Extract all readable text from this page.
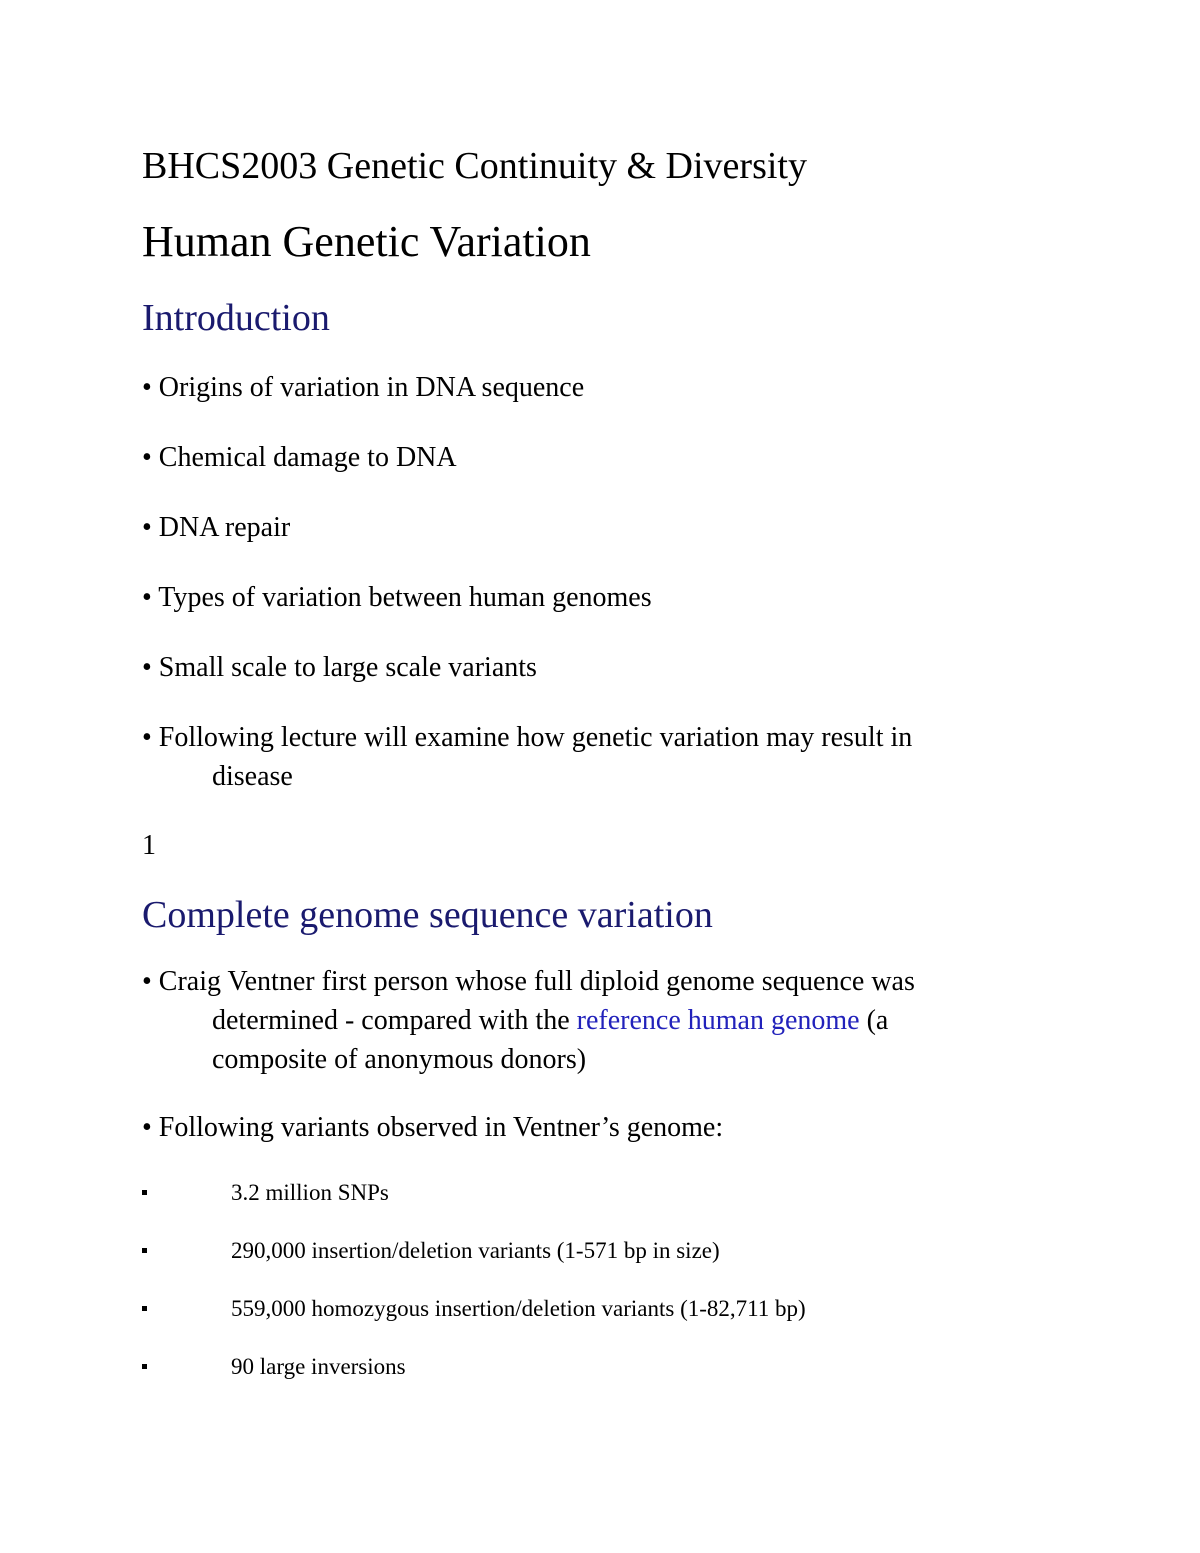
BHCS2003 Genetic Continuity & Diversity
Human Genetic Variation
Introduction
• Origins of variation in DNA sequence
• Chemical damage to DNA
• DNA repair
• Types of variation between human genomes
• Small scale to large scale variants
• Following lecture will examine how genetic variation may result in
disease
1
Complete genome sequence variation
• Craig Ventner first person whose full diploid genome sequence was
determined - compared with the reference human genome (a
composite of anonymous donors)
• Following variants observed in Ventner’s genome:
3.2 million SNPs
290,000 insertion/deletion variants (1-571 bp in size)
559,000 homozygous insertion/deletion variants (1-82,711 bp)
90 large inversions
